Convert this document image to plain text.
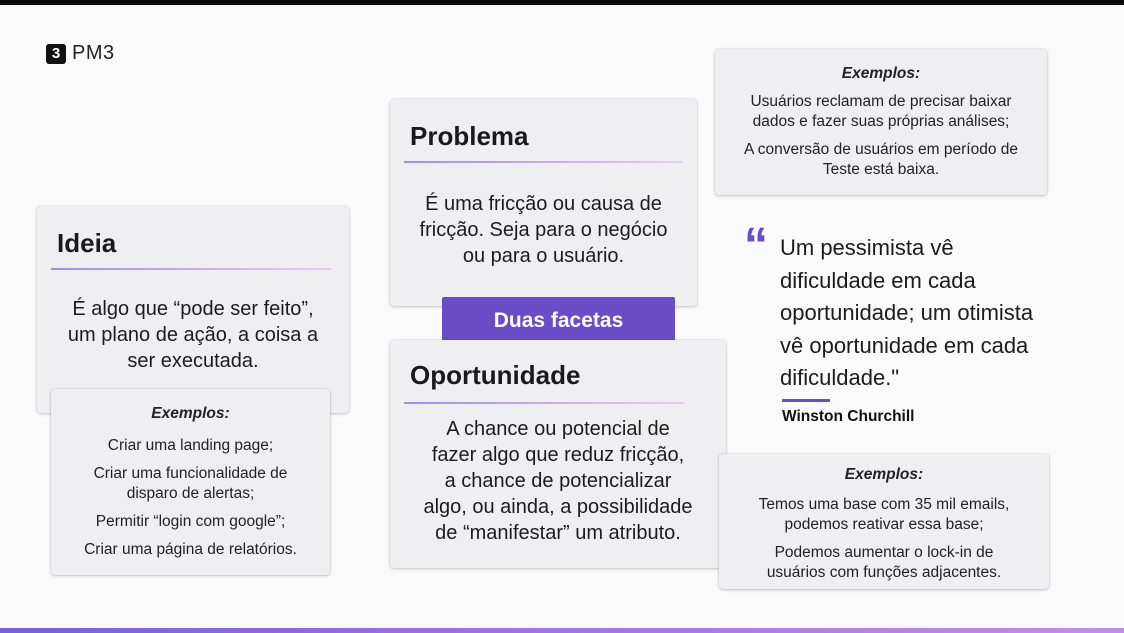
3 PM3
Ideia
É algo que “pode ser feito”,
um plano de ação, a coisa a
ser executada.
Exemplos:
Criar uma landing page;
Criar uma funcionalidade de disparo de alertas;
Permitir “login com google”;
Criar uma página de relatórios.
Problema
É uma fricção ou causa de
fricção. Seja para o negócio
ou para o usuário.
Exemplos:
Usuários reclamam de precisar baixar dados e fazer suas próprias análises;
A conversão de usuários em período de Teste está baixa.
Duas facetas
Oportunidade
A chance ou potencial de
fazer algo que reduz fricção,
a chance de potencializar
algo, ou ainda, a possibilidade
de “manifestar” um atributo.
Exemplos:
Temos uma base com 35 mil emails, podemos reativar essa base;
Podemos aumentar o lock-in de usuários com funções adjacentes.
“ Um pessimista vê
dificuldade em cada
oportunidade; um otimista
vê oportunidade em cada
dificuldade."
Winston Churchill
